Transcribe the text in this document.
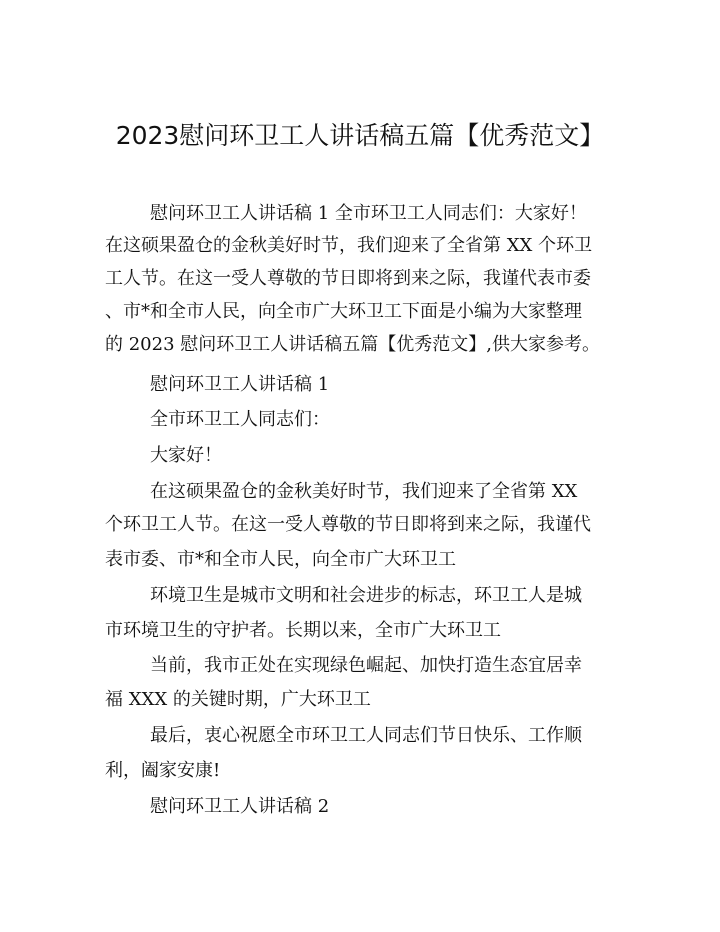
2023慰问环卫工人讲话稿五篇【优秀范文】

慰问环卫工人讲话稿 1 全市环卫工人同志们：大家好！

在这硕果盈仓的金秋美好时节，我们迎来了全省第 XX 个环卫

工人节。在这一受人尊敬的节日即将到来之际，我谨代表市委

、市*和全市人民，向全市广大环卫工下面是小编为大家整理

的 2023 慰问环卫工人讲话稿五篇【优秀范文】,供大家参考。

慰问环卫工人讲话稿 1

全市环卫工人同志们：

大家好！

在这硕果盈仓的金秋美好时节，我们迎来了全省第 XX

个环卫工人节。在这一受人尊敬的节日即将到来之际，我谨代

表市委、市*和全市人民，向全市广大环卫工

环境卫生是城市文明和社会进步的标志，环卫工人是城

市环境卫生的守护者。长期以来，全市广大环卫工

当前，我市正处在实现绿色崛起、加快打造生态宜居幸

福 XXX 的关键时期，广大环卫工

最后，衷心祝愿全市环卫工人同志们节日快乐、工作顺

利，阖家安康!

慰问环卫工人讲话稿 2
